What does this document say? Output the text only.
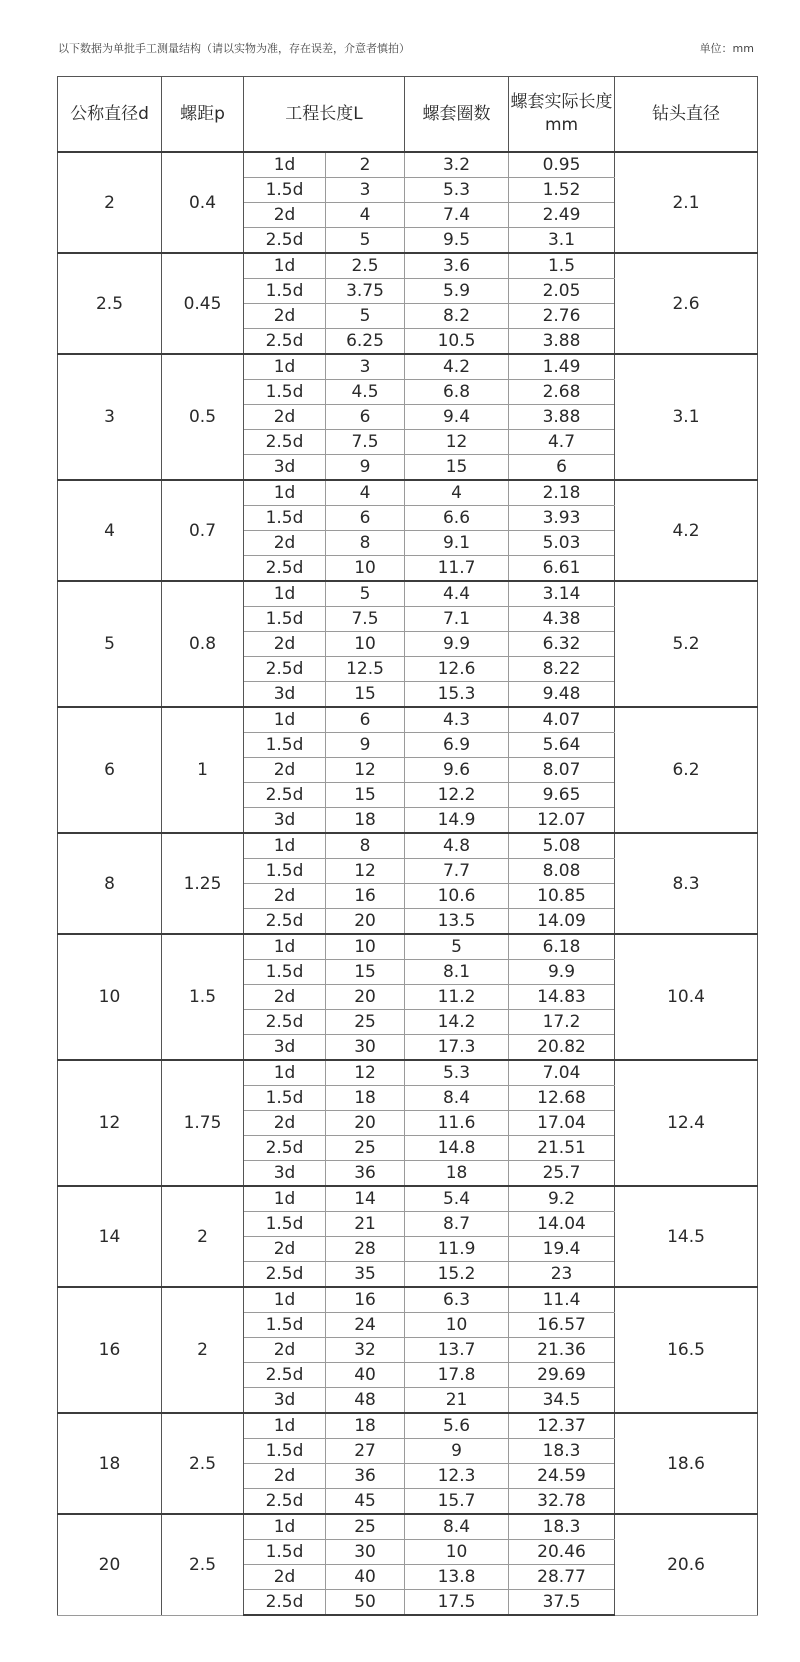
以下数据为单批手工测量结构（请以实物为准，存在误差，介意者慎拍）	单位：mm
公称直径d	螺距p	工程长度L		螺套圈数	螺套实际长度mm	钻头直径
2	0.4	1d	2	3.2	0.95	2.1
		1.5d	3	5.3	1.52	
		2d	4	7.4	2.49	
		2.5d	5	9.5	3.1	
2.5	0.45	1d	2.5	3.6	1.5	2.6
		1.5d	3.75	5.9	2.05	
		2d	5	8.2	2.76	
		2.5d	6.25	10.5	3.88	
3	0.5	1d	3	4.2	1.49	3.1
		1.5d	4.5	6.8	2.68	
		2d	6	9.4	3.88	
		2.5d	7.5	12	4.7	
		3d	9	15	6	
4	0.7	1d	4	4	2.18	4.2
		1.5d	6	6.6	3.93	
		2d	8	9.1	5.03	
		2.5d	10	11.7	6.61	
5	0.8	1d	5	4.4	3.14	5.2
		1.5d	7.5	7.1	4.38	
		2d	10	9.9	6.32	
		2.5d	12.5	12.6	8.22	
		3d	15	15.3	9.48	
6	1	1d	6	4.3	4.07	6.2
		1.5d	9	6.9	5.64	
		2d	12	9.6	8.07	
		2.5d	15	12.2	9.65	
		3d	18	14.9	12.07	
8	1.25	1d	8	4.8	5.08	8.3
		1.5d	12	7.7	8.08	
		2d	16	10.6	10.85	
		2.5d	20	13.5	14.09	
10	1.5	1d	10	5	6.18	10.4
		1.5d	15	8.1	9.9	
		2d	20	11.2	14.83	
		2.5d	25	14.2	17.2	
		3d	30	17.3	20.82	
12	1.75	1d	12	5.3	7.04	12.4
		1.5d	18	8.4	12.68	
		2d	20	11.6	17.04	
		2.5d	25	14.8	21.51	
		3d	36	18	25.7	
14	2	1d	14	5.4	9.2	14.5
		1.5d	21	8.7	14.04	
		2d	28	11.9	19.4	
		2.5d	35	15.2	23	
16	2	1d	16	6.3	11.4	16.5
		1.5d	24	10	16.57	
		2d	32	13.7	21.36	
		2.5d	40	17.8	29.69	
		3d	48	21	34.5	
18	2.5	1d	18	5.6	12.37	18.6
		1.5d	27	9	18.3	
		2d	36	12.3	24.59	
		2.5d	45	15.7	32.78	
20	2.5	1d	25	8.4	18.3	20.6
		1.5d	30	10	20.46	
		2d	40	13.8	28.77	
		2.5d	50	17.5	37.5	
